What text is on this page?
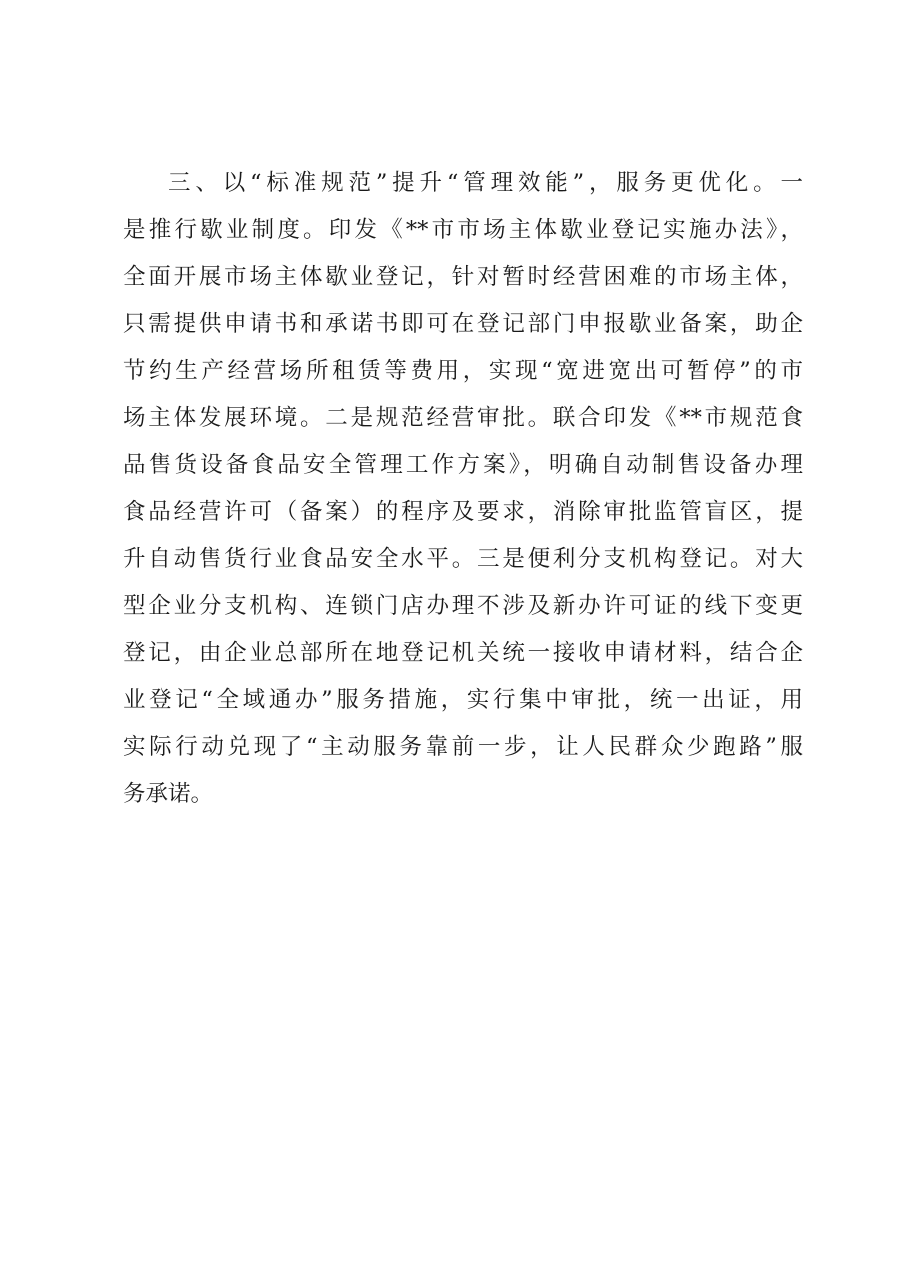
三、以“标准规范”提升“管理效能”，服务更优化。一
是推行歇业制度。印发《**市市场主体歇业登记实施办法》，
全面开展市场主体歇业登记，针对暂时经营困难的市场主体，
只需提供申请书和承诺书即可在登记部门申报歇业备案，助企
节约生产经营场所租赁等费用，实现“宽进宽出可暂停”的市
场主体发展环境。二是规范经营审批。联合印发《**市规范食
品售货设备食品安全管理工作方案》，明确自动制售设备办理
食品经营许可（备案）的程序及要求，消除审批监管盲区，提
升自动售货行业食品安全水平。三是便利分支机构登记。对大
型企业分支机构、连锁门店办理不涉及新办许可证的线下变更
登记，由企业总部所在地登记机关统一接收申请材料，结合企
业登记“全域通办”服务措施，实行集中审批，统一出证，用
实际行动兑现了“主动服务靠前一步，让人民群众少跑路”服
务承诺。
